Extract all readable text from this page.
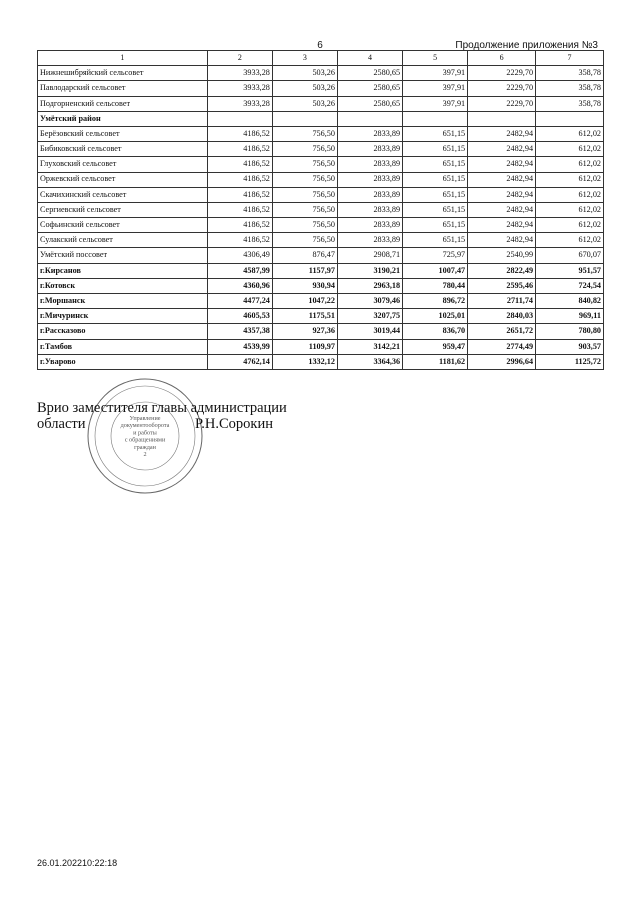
6	Продолжение приложения №3
1	2	3	4	5	6	7
Нижнешибряйский сельсовет	3933,28	503,26	2580,65	397,91	2229,70	358,78
Павлодарский сельсовет	3933,28	503,26	2580,65	397,91	2229,70	358,78
Подгорненский сельсовет	3933,28	503,26	2580,65	397,91	2229,70	358,78
Умётский район						
Берёзовский сельсовет	4186,52	756,50	2833,89	651,15	2482,94	612,02
Бибиковский сельсовет	4186,52	756,50	2833,89	651,15	2482,94	612,02
Глуховский сельсовет	4186,52	756,50	2833,89	651,15	2482,94	612,02
Оржевский сельсовет	4186,52	756,50	2833,89	651,15	2482,94	612,02
Скачихинский сельсовет	4186,52	756,50	2833,89	651,15	2482,94	612,02
Сергиевский сельсовет	4186,52	756,50	2833,89	651,15	2482,94	612,02
Софьинский сельсовет	4186,52	756,50	2833,89	651,15	2482,94	612,02
Сулакский сельсовет	4186,52	756,50	2833,89	651,15	2482,94	612,02
Умётский поссовет	4306,49	876,47	2908,71	725,97	2540,99	670,07
г.Кирсанов	4587,99	1157,97	3190,21	1007,47	2822,49	951,57
г.Котовск	4360,96	930,94	2963,18	780,44	2595,46	724,54
г.Моршанск	4477,24	1047,22	3079,46	896,72	2711,74	840,82
г.Мичуринск	4605,53	1175,51	3207,75	1025,01	2840,03	969,11
г.Рассказово	4357,38	927,36	3019,44	836,70	2651,72	780,80
г.Тамбов	4539,99	1109,97	3142,21	959,47	2774,49	903,57
г.Уварово	4762,14	1332,12	3364,36	1181,62	2996,64	1125,72
Управление
документооборота
и работы
с обращениями
граждан
2
Врио заместителя главы администрации
области	Р.Н.Сорокин
26.01.202210:22:18
